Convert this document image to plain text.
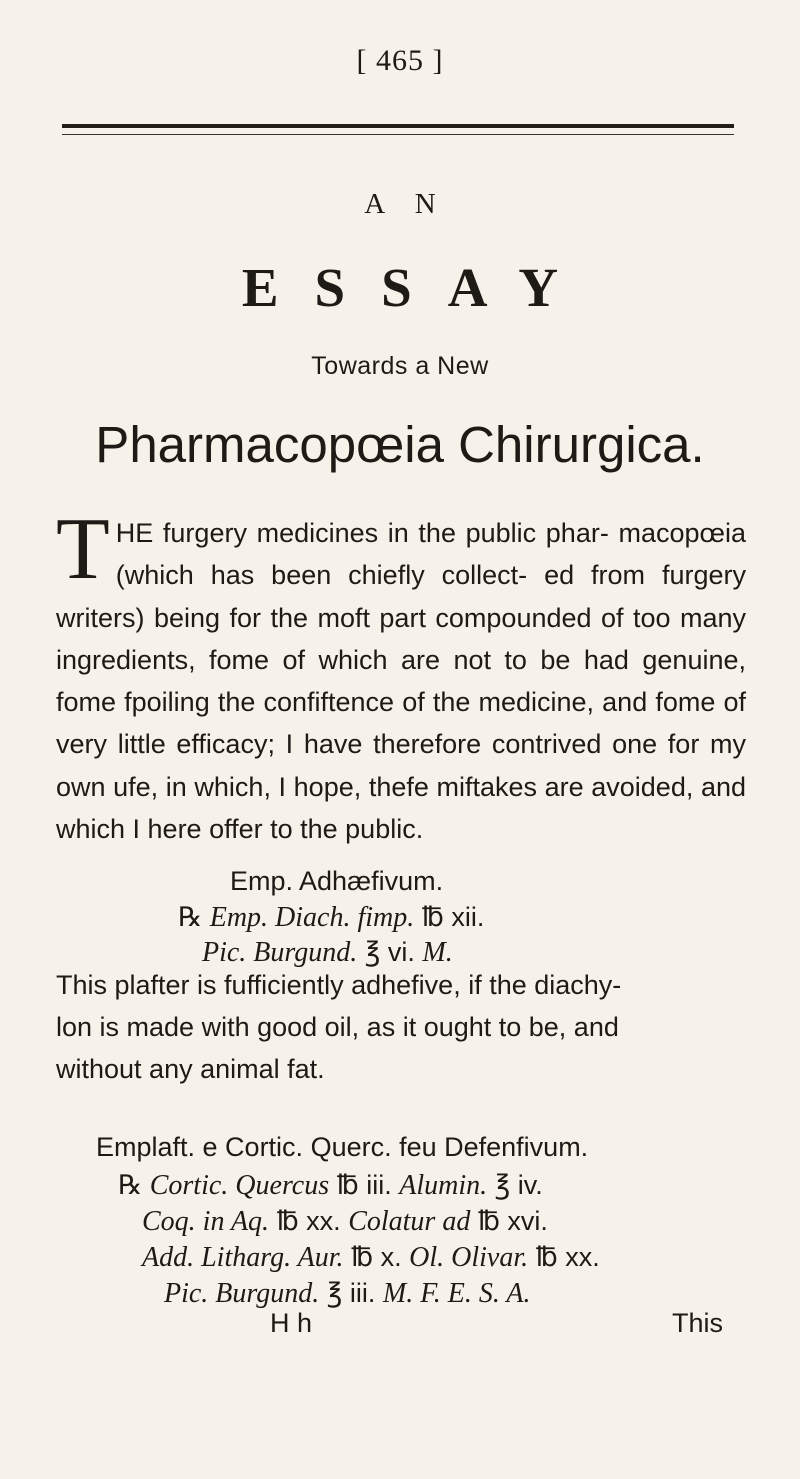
[ 465 ]
A N
ESSAY
Towards a New
Pharmacopœia Chirurgica.
T HE furgery medicines in the public phar- macopœia (which has been chiefly collect- ed from furgery writers) being for the moft part compounded of too many ingredients, fome of which are not to be had genuine, fome fpoiling the confiftence of the medicine, and fome of very little efficacy; I have therefore contrived one for my own ufe, in which, I hope, thefe miftakes are avoided, and which I here offer to the public.
Emp. Adhæfivum.
℞ Emp. Diach. fimp. ℔ xii.
Pic. Burgund. ℥ vi. M.
This plafter is fufficiently adhefive, if the diachy-
lon is made with good oil, as it ought to be, and
without any animal fat.
Emplaft. e Cortic. Querc. feu Defenfivum.
℞ Cortic. Quercus ℔ iii. Alumin. ℥ iv.
Coq. in Aq. ℔ xx. Colatur ad ℔ xvi.
Add. Litharg. Aur. ℔ x. Ol. Olivar. ℔ xx.
Pic. Burgund. ℥ iii. M. F. E. S. A.
H h	This
